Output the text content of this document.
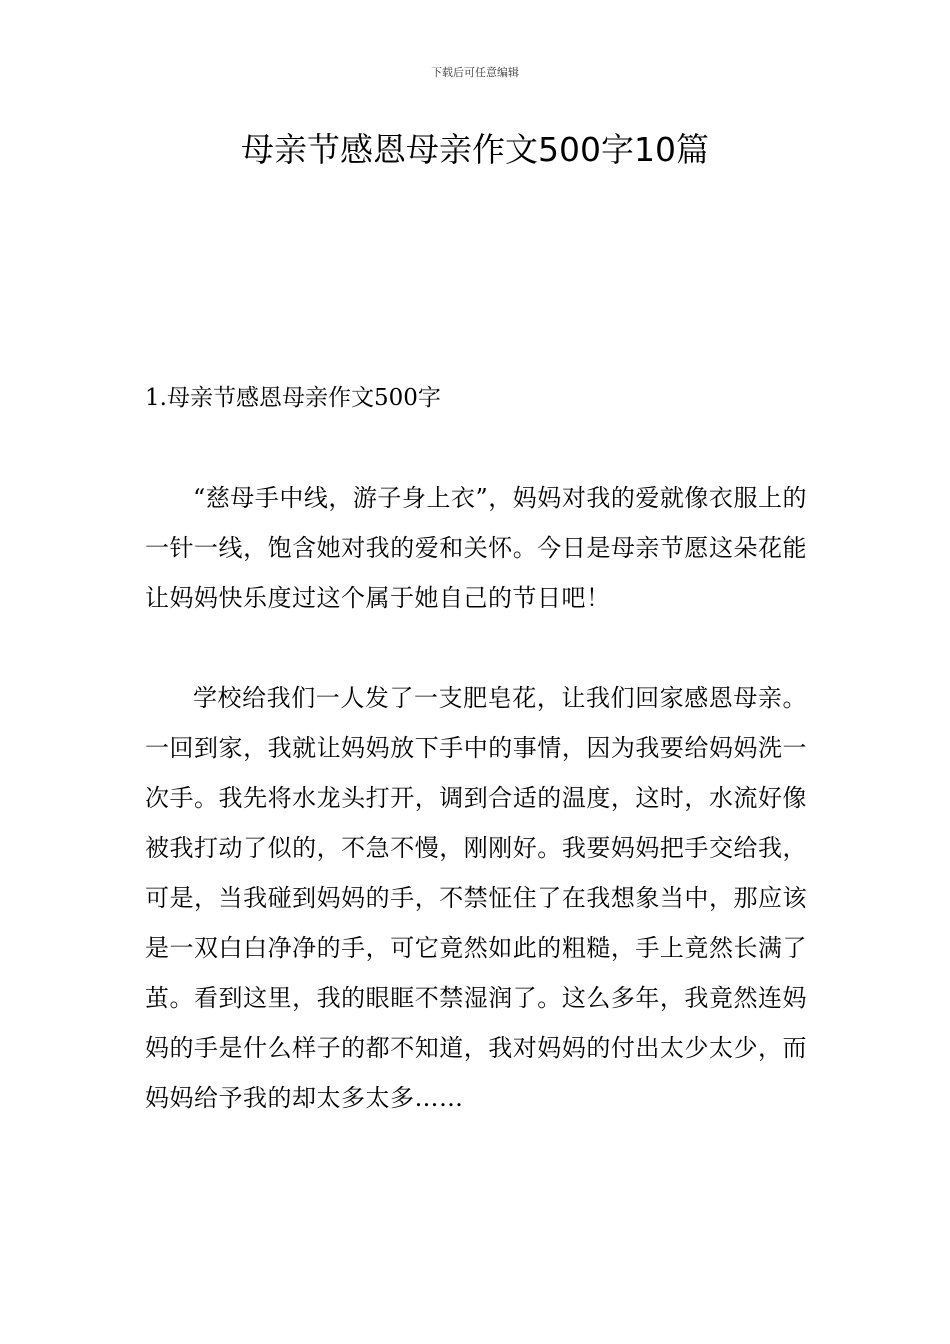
下载后可任意编辑
母亲节感恩母亲作文500字10篇
1.母亲节感恩母亲作文500字

“慈母手中线，游子身上衣”，妈妈对我的爱就像衣服上的一针一线，饱含她对我的爱和关怀。今日是母亲节愿这朵花能让妈妈快乐度过这个属于她自己的节日吧！

学校给我们一人发了一支肥皂花，让我们回家感恩母亲。一回到家，我就让妈妈放下手中的事情，因为我要给妈妈洗一次手。我先将水龙头打开，调到合适的温度，这时，水流好像被我打动了似的，不急不慢，刚刚好。我要妈妈把手交给我，可是，当我碰到妈妈的手，不禁怔住了在我想象当中，那应该是一双白白净净的手，可它竟然如此的粗糙，手上竟然长满了茧。看到这里，我的眼眶不禁湿润了。这么多年，我竟然连妈妈的手是什么样子的都不知道，我对妈妈的付出太少太少，而妈妈给予我的却太多太多……
